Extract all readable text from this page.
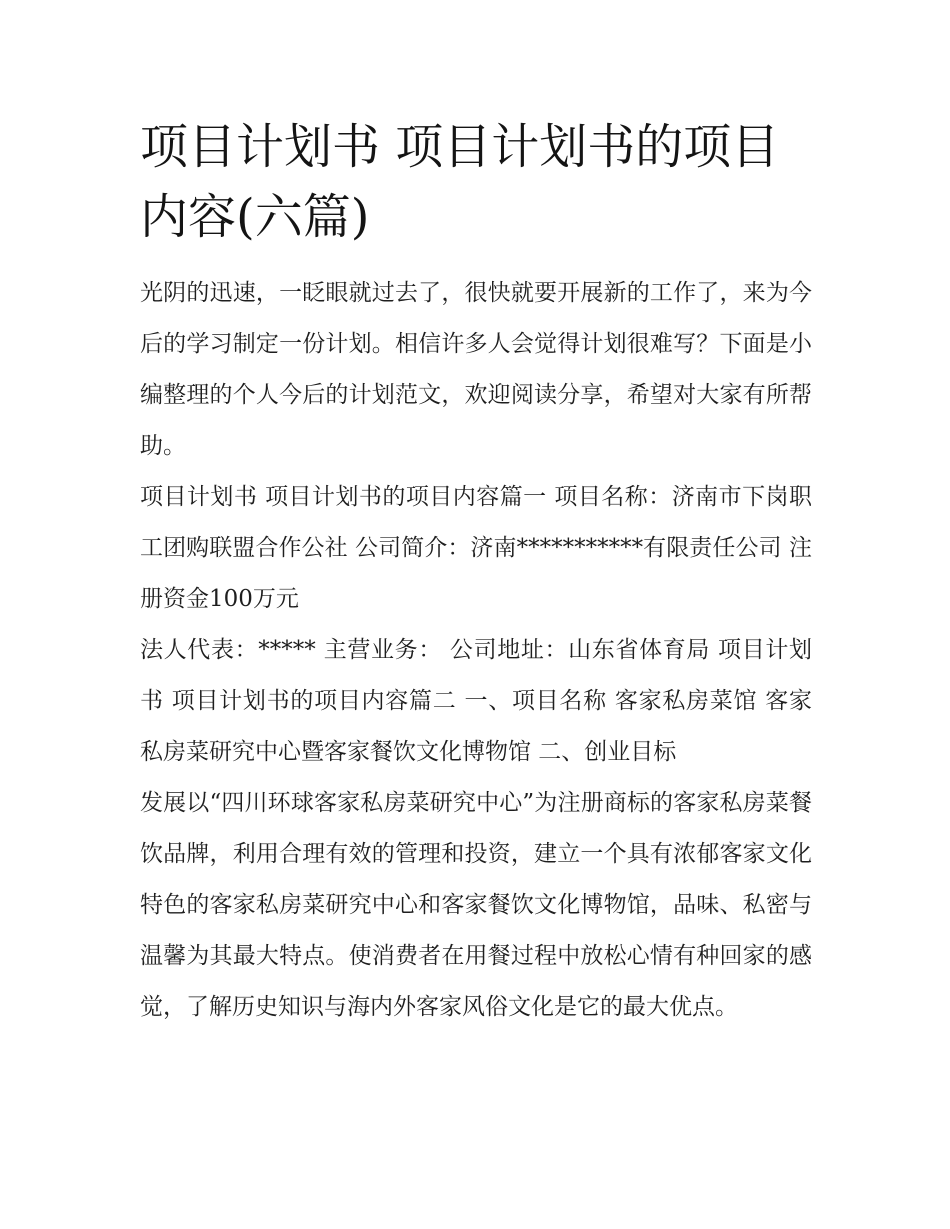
项目计划书 项目计划书的项目内容(六篇)

光阴的迅速，一眨眼就过去了，很快就要开展新的工作了，来为今后的学习制定一份计划。相信许多人会觉得计划很难写？下面是小编整理的个人今后的计划范文，欢迎阅读分享，希望对大家有所帮助。

项目计划书 项目计划书的项目内容篇一 项目名称：济南市下岗职工团购联盟合作公社 公司简介：济南***********有限责任公司 注册资金100万元

法人代表：***** 主营业务： 公司地址：山东省体育局 项目计划书 项目计划书的项目内容篇二 一、项目名称 客家私房菜馆 客家私房菜研究中心暨客家餐饮文化博物馆 二、创业目标

发展以“四川环球客家私房菜研究中心”为注册商标的客家私房菜餐饮品牌，利用合理有效的管理和投资，建立一个具有浓郁客家文化特色的客家私房菜研究中心和客家餐饮文化博物馆，品味、私密与温馨为其最大特点。使消费者在用餐过程中放松心情有种回家的感觉，了解历史知识与海内外客家风俗文化是它的最大优点。
